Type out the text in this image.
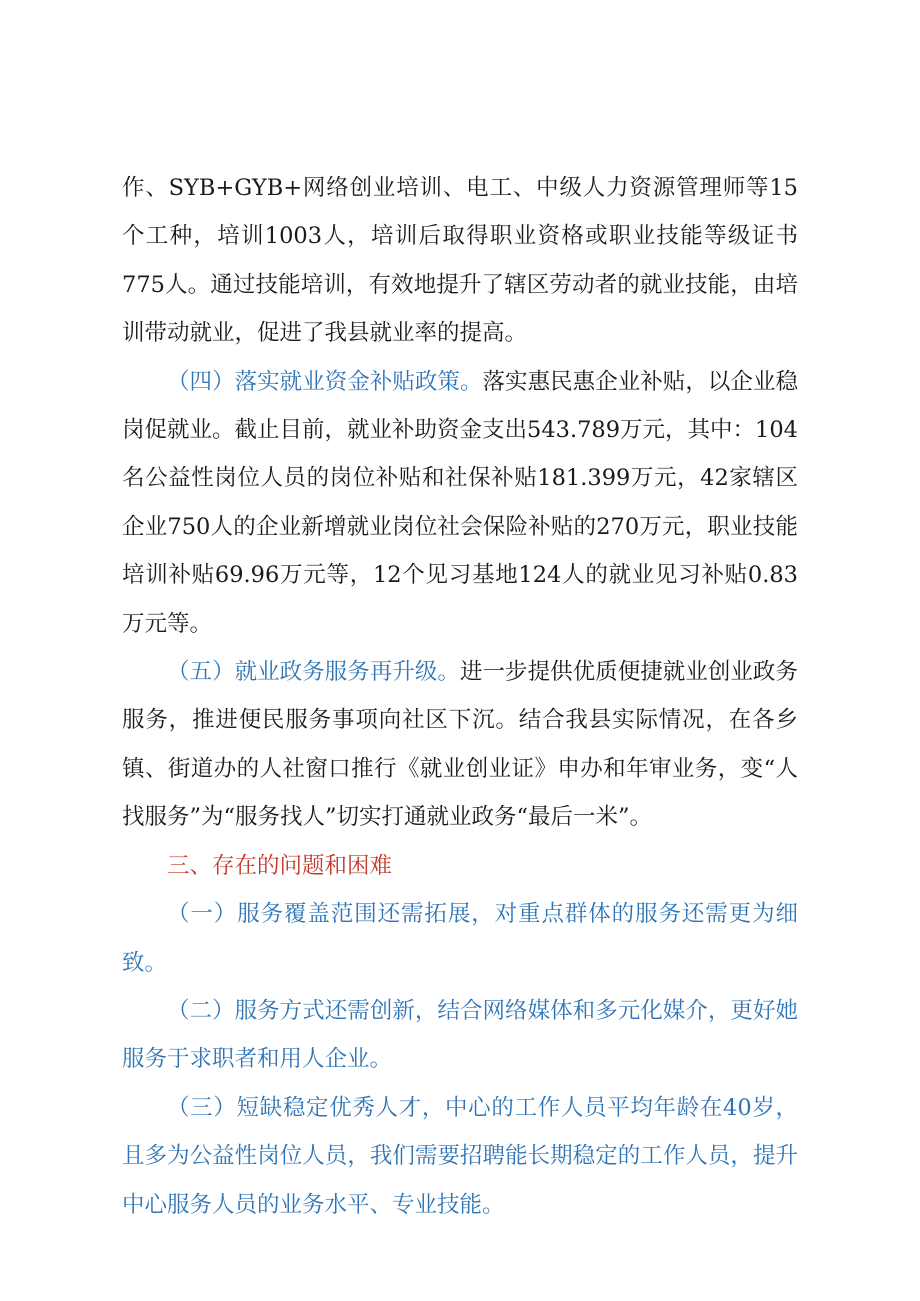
作、SYB+GYB+网络创业培训、电工、中级人力资源管理师等15个工种，培训1003人，培训后取得职业资格或职业技能等级证书775人。通过技能培训，有效地提升了辖区劳动者的就业技能，由培训带动就业，促进了我县就业率的提高。

（四）落实就业资金补贴政策。落实惠民惠企业补贴，以企业稳岗促就业。截止目前，就业补助资金支出543.789万元，其中：104名公益性岗位人员的岗位补贴和社保补贴181.399万元，42家辖区企业750人的企业新增就业岗位社会保险补贴的270万元，职业技能培训补贴69.96万元等，12个见习基地124人的就业见习补贴0.83万元等。

（五）就业政务服务再升级。进一步提供优质便捷就业创业政务服务，推进便民服务事项向社区下沉。结合我县实际情况，在各乡镇、街道办的人社窗口推行《就业创业证》申办和年审业务，变“人找服务”为“服务找人”切实打通就业政务“最后一米”。

三、存在的问题和困难

（一）服务覆盖范围还需拓展，对重点群体的服务还需更为细致。

（二）服务方式还需创新，结合网络媒体和多元化媒介，更好她服务于求职者和用人企业。

（三）短缺稳定优秀人才，中心的工作人员平均年龄在40岁，且多为公益性岗位人员，我们需要招聘能长期稳定的工作人员，提升中心服务人员的业务水平、专业技能。
